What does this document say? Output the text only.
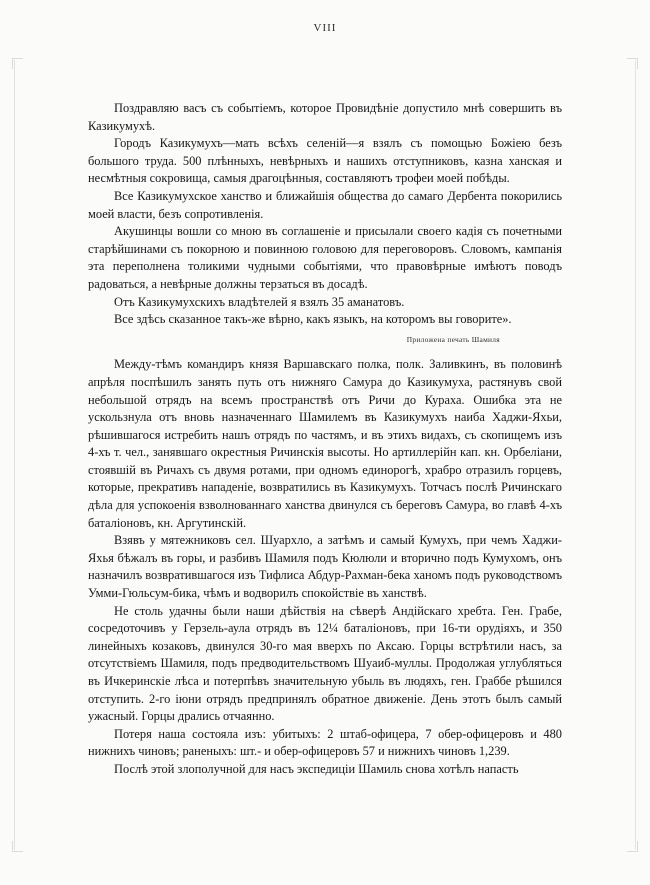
VIII

Поздравляю васъ съ событіемъ, которое Провидѣніе допустило мнѣ совершить въ Казикумухѣ.

Городъ Казикумухъ—мать всѣхъ селеній—я взялъ съ помощью Божіею безъ большого труда. 500 плѣнныхъ, невѣрныхъ и нашихъ отступниковъ, казна ханская и несмѣтныя сокровища, самыя драгоцѣнныя, составляютъ трофеи моей побѣды.

Все Казикумухское ханство и ближайшія общества до самаго Дербента покорились моей власти, безъ сопротивленія.

Акушинцы вошли со мною въ соглашеніе и присылали своего кадія съ почетными старѣйшинами съ покорною и повинною головою для переговоровъ. Словомъ, кампанія эта переполнена толикими чудными событіями, что правовѣрные имѣютъ поводъ радоваться, а невѣрные должны терзаться въ досадѣ.

Отъ Казикумухскихъ владѣтелей я взялъ 35 аманатовъ.

Все здѣсь сказанное такъ-же вѣрно, какъ языкъ, на которомъ вы говорите».

Приложена печать Шамиля

Между-тѣмъ командиръ князя Варшавскаго полка, полк. Заливкинъ, въ половинѣ апрѣля поспѣшилъ занять путь отъ нижняго Самура до Казикумуха, растянувъ свой небольшой отрядъ на всемъ пространствѣ отъ Ричи до Кураха. Ошибка эта не ускользнула отъ вновь назначеннаго Шамилемъ въ Казикумухъ наиба Хаджи-Яхьи, рѣшившагося истребить нашъ отрядъ по частямъ, и въ этихъ видахъ, съ скопищемъ изъ 4-хъ т. чел., занявшаго окрестныя Ричинскія высоты. Но артиллерійн кап. кн. Орбеліани, стоявшій въ Ричахъ съ двумя ротами, при одномъ единорогѣ, храбро отразилъ горцевъ, которые, прекративъ нападеніе, возвратились въ Казикумухъ. Тотчасъ послѣ Ричинскаго дѣла для успокоенія взволнованнаго ханства двинулся съ береговъ Самура, во главѣ 4-хъ баталіоновъ, кн. Аргутинскій.

Взявъ у мятежниковъ сел. Шуархло, а затѣмъ и самый Кумухъ, при чемъ Хаджи-Яхья бѣжалъ въ горы, и разбивъ Шамиля подъ Кюлюли и вторично подъ Кумухомъ, онъ назначилъ возвратившагося изъ Тифлиса Абдур-Рахман-бека ханомъ подъ руководствомъ Умми-Гюльсум-бика, чѣмъ и водворилъ спокойствіе въ ханствѣ.

Не столь удачны были наши дѣйствія на сѣверѣ Андійскаго хребта. Ген. Грабе, сосредоточивъ у Герзель-аула отрядъ въ 12¼ баталіоновъ, при 16-ти орудіяхъ, и 350 линейныхъ козаковъ, двинулся 30-го мая вверхъ по Аксаю. Горцы встрѣтили насъ, за отсутствіемъ Шамиля, подъ предводительствомъ Шуаиб-муллы. Продолжая углубляться въ Ичкеринскіе лѣса и потерпѣвъ значительную убыль въ людяхъ, ген. Граббе рѣшился отступить. 2-го іюни отрядъ предпринялъ обратное движеніе. День этотъ былъ самый ужасный. Горцы дрались отчаянно.

Потеря наша состояла изъ: убитыхъ: 2 штаб-офицера, 7 обер-офицеровъ и 480 нижнихъ чиновъ; раненыхъ: шт.- и обер-офицеровъ 57 и нижнихъ чиновъ 1,239.

Послѣ этой злополучной для насъ экспедиціи Шамиль снова хотѣлъ напасть
